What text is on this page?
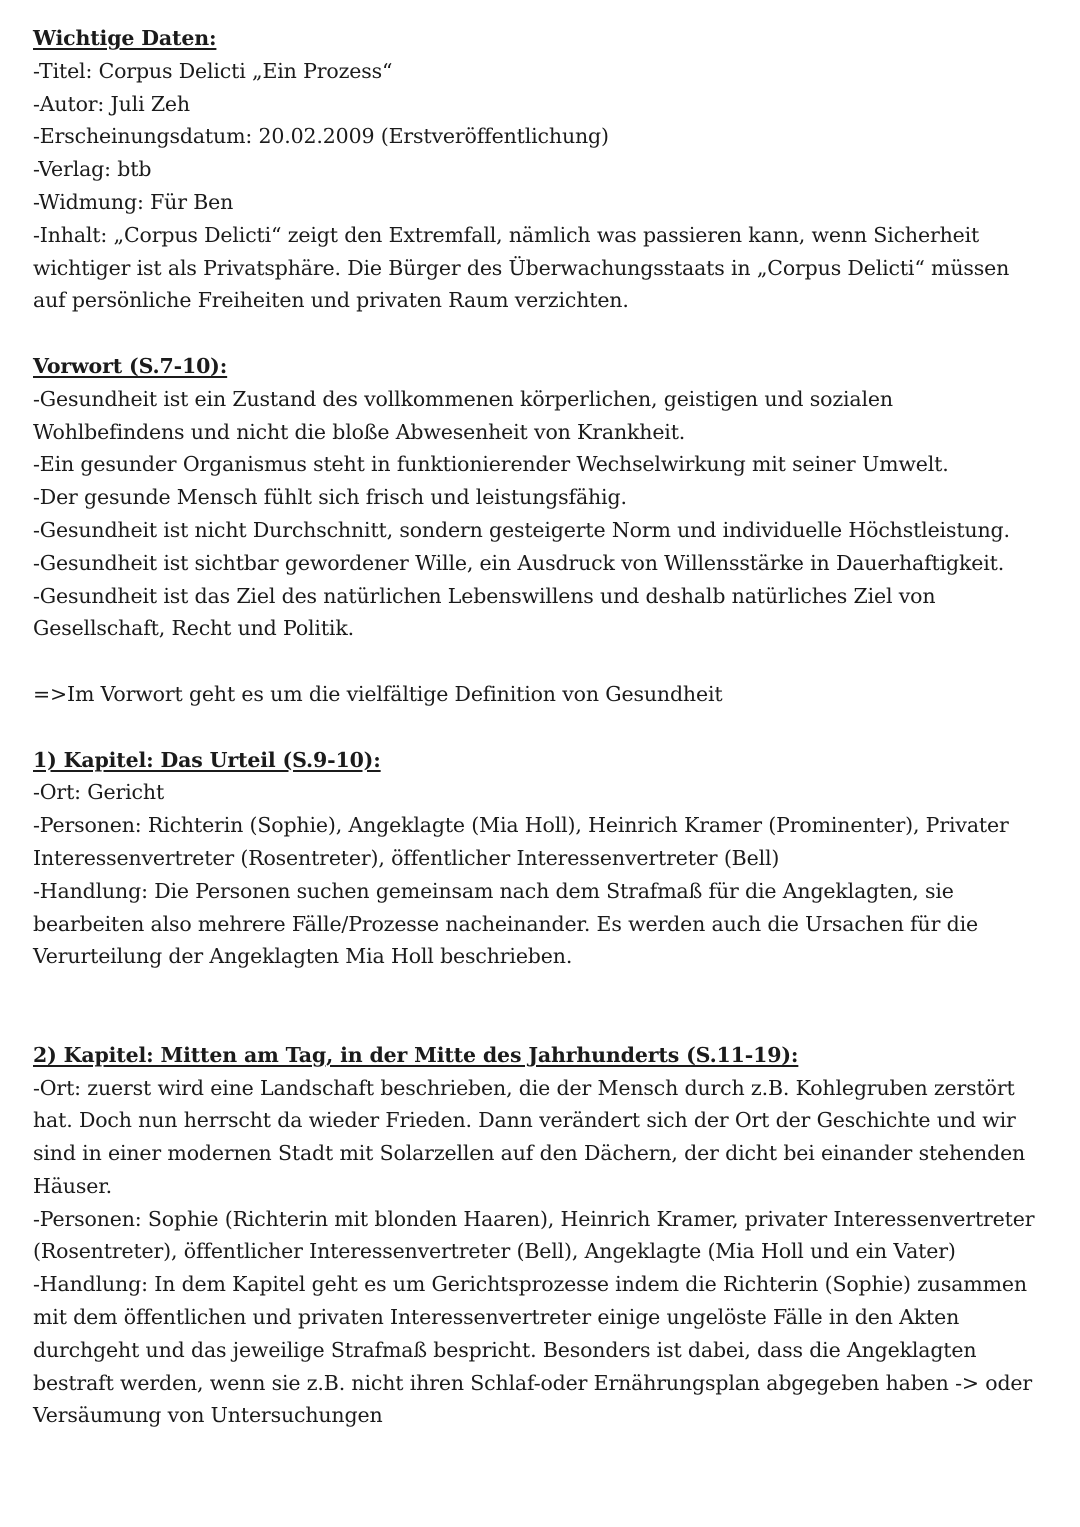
Wichtige Daten:

-Titel: Corpus Delicti „Ein Prozess“

-Autor: Juli Zeh

-Erscheinungsdatum: 20.02.2009 (Erstveröffentlichung)

-Verlag: btb

-Widmung: Für Ben

-Inhalt: „Corpus Delicti“ zeigt den Extremfall, nämlich was passieren kann, wenn Sicherheit wichtiger ist als Privatsphäre. Die Bürger des Überwachungsstaats in „Corpus Delicti“ müssen auf persönliche Freiheiten und privaten Raum verzichten.

Vorwort (S.7-10):

-Gesundheit ist ein Zustand des vollkommenen körperlichen, geistigen und sozialen Wohlbefindens und nicht die bloße Abwesenheit von Krankheit.

-Ein gesunder Organismus steht in funktionierender Wechselwirkung mit seiner Umwelt.

-Der gesunde Mensch fühlt sich frisch und leistungsfähig.

-Gesundheit ist nicht Durchschnitt, sondern gesteigerte Norm und individuelle Höchstleistung.

-Gesundheit ist sichtbar gewordener Wille, ein Ausdruck von Willensstärke in Dauerhaftigkeit.

-Gesundheit ist das Ziel des natürlichen Lebenswillens und deshalb natürliches Ziel von Gesellschaft, Recht und Politik.

=>Im Vorwort geht es um die vielfältige Definition von Gesundheit

1) Kapitel: Das Urteil (S.9-10):

-Ort: Gericht

-Personen: Richterin (Sophie), Angeklagte (Mia Holl), Heinrich Kramer (Prominenter), Privater Interessenvertreter (Rosentreter), öffentlicher Interessenvertreter (Bell)

-Handlung: Die Personen suchen gemeinsam nach dem Strafmaß für die Angeklagten, sie bearbeiten also mehrere Fälle/Prozesse nacheinander. Es werden auch die Ursachen für die Verurteilung der Angeklagten Mia Holl beschrieben.

2) Kapitel: Mitten am Tag, in der Mitte des Jahrhunderts (S.11-19):

-Ort: zuerst wird eine Landschaft beschrieben, die der Mensch durch z.B. Kohlegruben zerstört hat. Doch nun herrscht da wieder Frieden. Dann verändert sich der Ort der Geschichte und wir sind in einer modernen Stadt mit Solarzellen auf den Dächern, der dicht bei einander stehenden Häuser.

-Personen: Sophie (Richterin mit blonden Haaren), Heinrich Kramer, privater Interessenvertreter (Rosentreter), öffentlicher Interessenvertreter (Bell), Angeklagte (Mia Holl und ein Vater)

-Handlung: In dem Kapitel geht es um Gerichtsprozesse indem die Richterin (Sophie) zusammen mit dem öffentlichen und privaten Interessenvertreter einige ungelöste Fälle in den Akten durchgeht und das jeweilige Strafmaß bespricht. Besonders ist dabei, dass die Angeklagten bestraft werden, wenn sie z.B. nicht ihren Schlaf-oder Ernährungsplan abgegeben haben -> oder Versäumung von Untersuchungen
